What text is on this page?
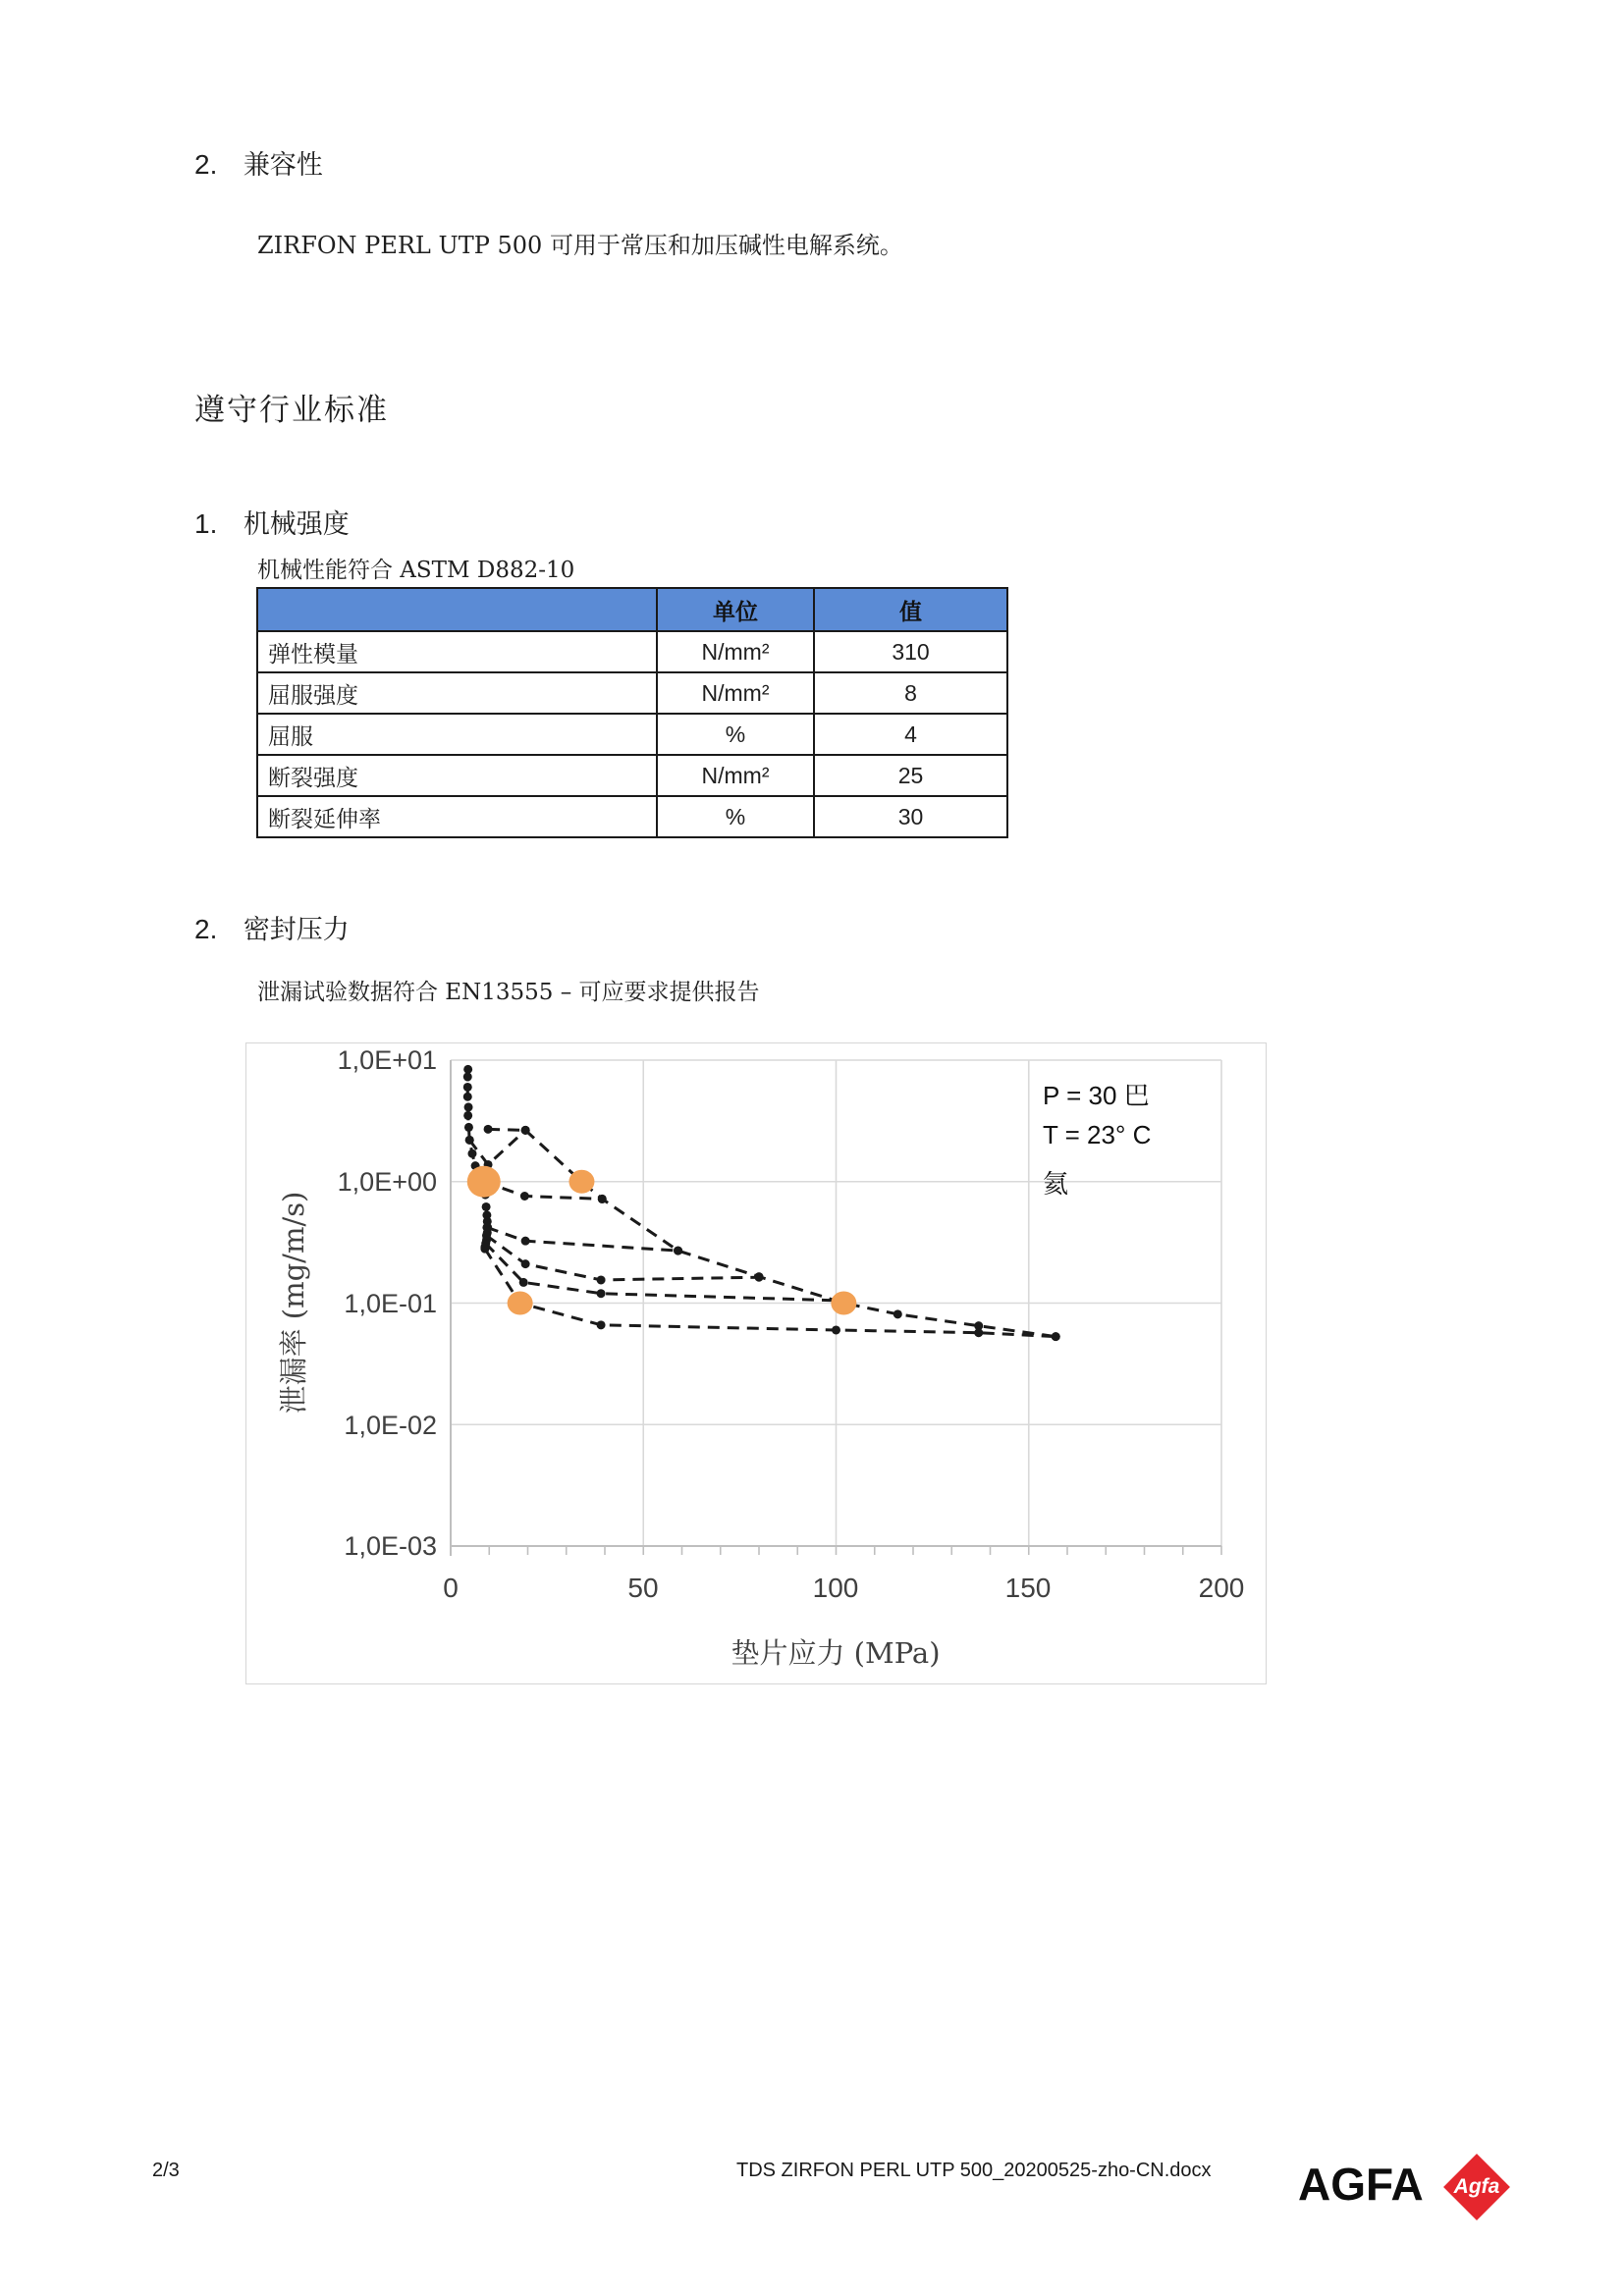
2. 兼容性
ZIRFON PERL UTP 500 可用于常压和加压碱性电解系统。
遵守行业标准
1. 机械强度
机械性能符合 ASTM D882-10
	单位	值
弹性模量	N/mm²	310
屈服强度	N/mm²	8
屈服	%	4
断裂强度	N/mm²	25
断裂延伸率	%	30
2. 密封压力
泄漏试验数据符合 EN13555 – 可应要求提供报告
1,0E+01
1,0E+00
1,0E-01
1,0E-02
1,0E-03
0	50	100	150	200
垫片应力 (MPa)
泄漏率 (mg/m/s)
P = 30 巴
T = 23° C
氦
2/3	TDS ZIRFON PERL UTP 500_20200525-zho-CN.docx AGFA	Agfa
